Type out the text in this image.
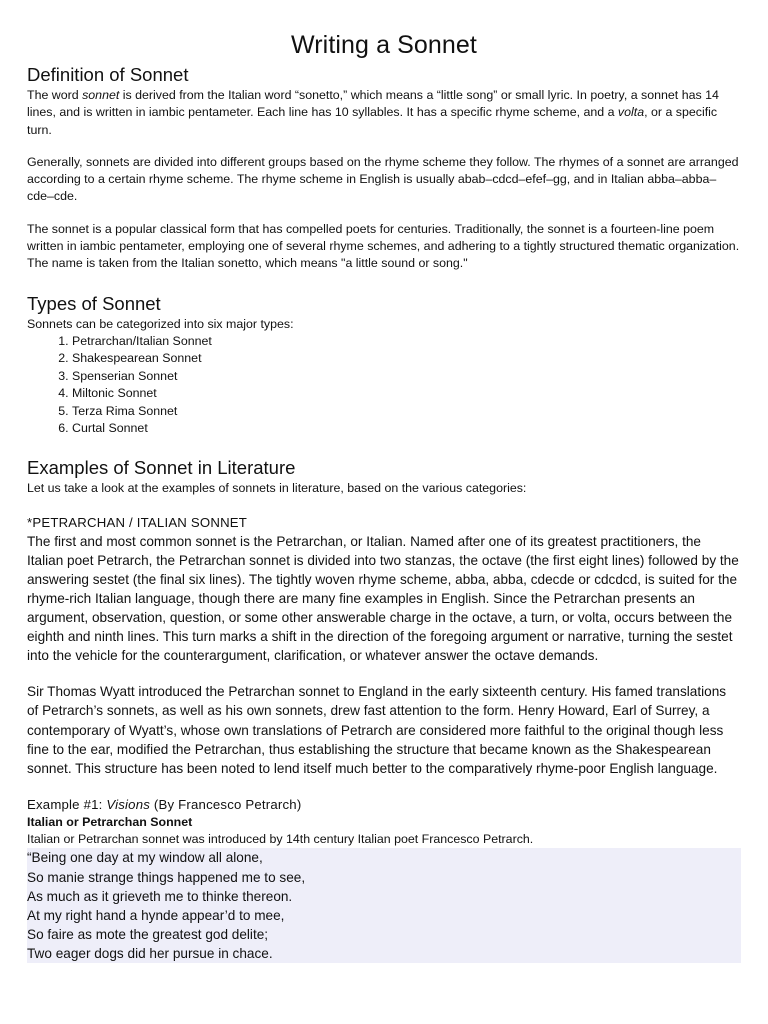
Writing a Sonnet
Definition of Sonnet

The word sonnet is derived from the Italian word “sonetto,” which means a “little song” or small lyric. In poetry, a sonnet has 14 lines, and is written in iambic pentameter. Each line has 10 syllables. It has a specific rhyme scheme, and a volta, or a specific turn.

Generally, sonnets are divided into different groups based on the rhyme scheme they follow. The rhymes of a sonnet are arranged according to a certain rhyme scheme. The rhyme scheme in English is usually abab–cdcd–efef–gg, and in Italian abba–abba–cde–cde.

The sonnet is a popular classical form that has compelled poets for centuries. Traditionally, the sonnet is a fourteen-line poem written in iambic pentameter, employing one of several rhyme schemes, and adhering to a tightly structured thematic organization. The name is taken from the Italian sonetto, which means "a little sound or song."

Types of Sonnet

Sonnets can be categorized into six major types:

1. Petrarchan/Italian Sonnet
2. Shakespearean Sonnet
3. Spenserian Sonnet
4. Miltonic Sonnet
5. Terza Rima Sonnet
6. Curtal Sonnet
Examples of Sonnet in Literature

Let us take a look at the examples of sonnets in literature, based on the various categories:

*PETRARCHAN / ITALIAN SONNET

The first and most common sonnet is the Petrarchan, or Italian. Named after one of its greatest practitioners, the Italian poet Petrarch, the Petrarchan sonnet is divided into two stanzas, the octave (the first eight lines) followed by the answering sestet (the final six lines). The tightly woven rhyme scheme, abba, abba, cdecde or cdcdcd, is suited for the rhyme-rich Italian language, though there are many fine examples in English. Since the Petrarchan presents an argument, observation, question, or some other answerable charge in the octave, a turn, or volta, occurs between the eighth and ninth lines. This turn marks a shift in the direction of the foregoing argument or narrative, turning the sestet into the vehicle for the counterargument, clarification, or whatever answer the octave demands.

Sir Thomas Wyatt introduced the Petrarchan sonnet to England in the early sixteenth century. His famed translations of Petrarch’s sonnets, as well as his own sonnets, drew fast attention to the form. Henry Howard, Earl of Surrey, a contemporary of Wyatt’s, whose own translations of Petrarch are considered more faithful to the original though less fine to the ear, modified the Petrarchan, thus establishing the structure that became known as the Shakespearean sonnet. This structure has been noted to lend itself much better to the comparatively rhyme-poor English language.

Example #1: Visions (By Francesco Petrarch)

Italian or Petrarchan Sonnet

Italian or Petrarchan sonnet was introduced by 14th century Italian poet Francesco Petrarch.

“Being one day at my window all alone,
So manie strange things happened me to see,
As much as it grieveth me to thinke thereon.
At my right hand a hynde appear’d to mee,
So faire as mote the greatest god delite;
Two eager dogs did her pursue in chace.
